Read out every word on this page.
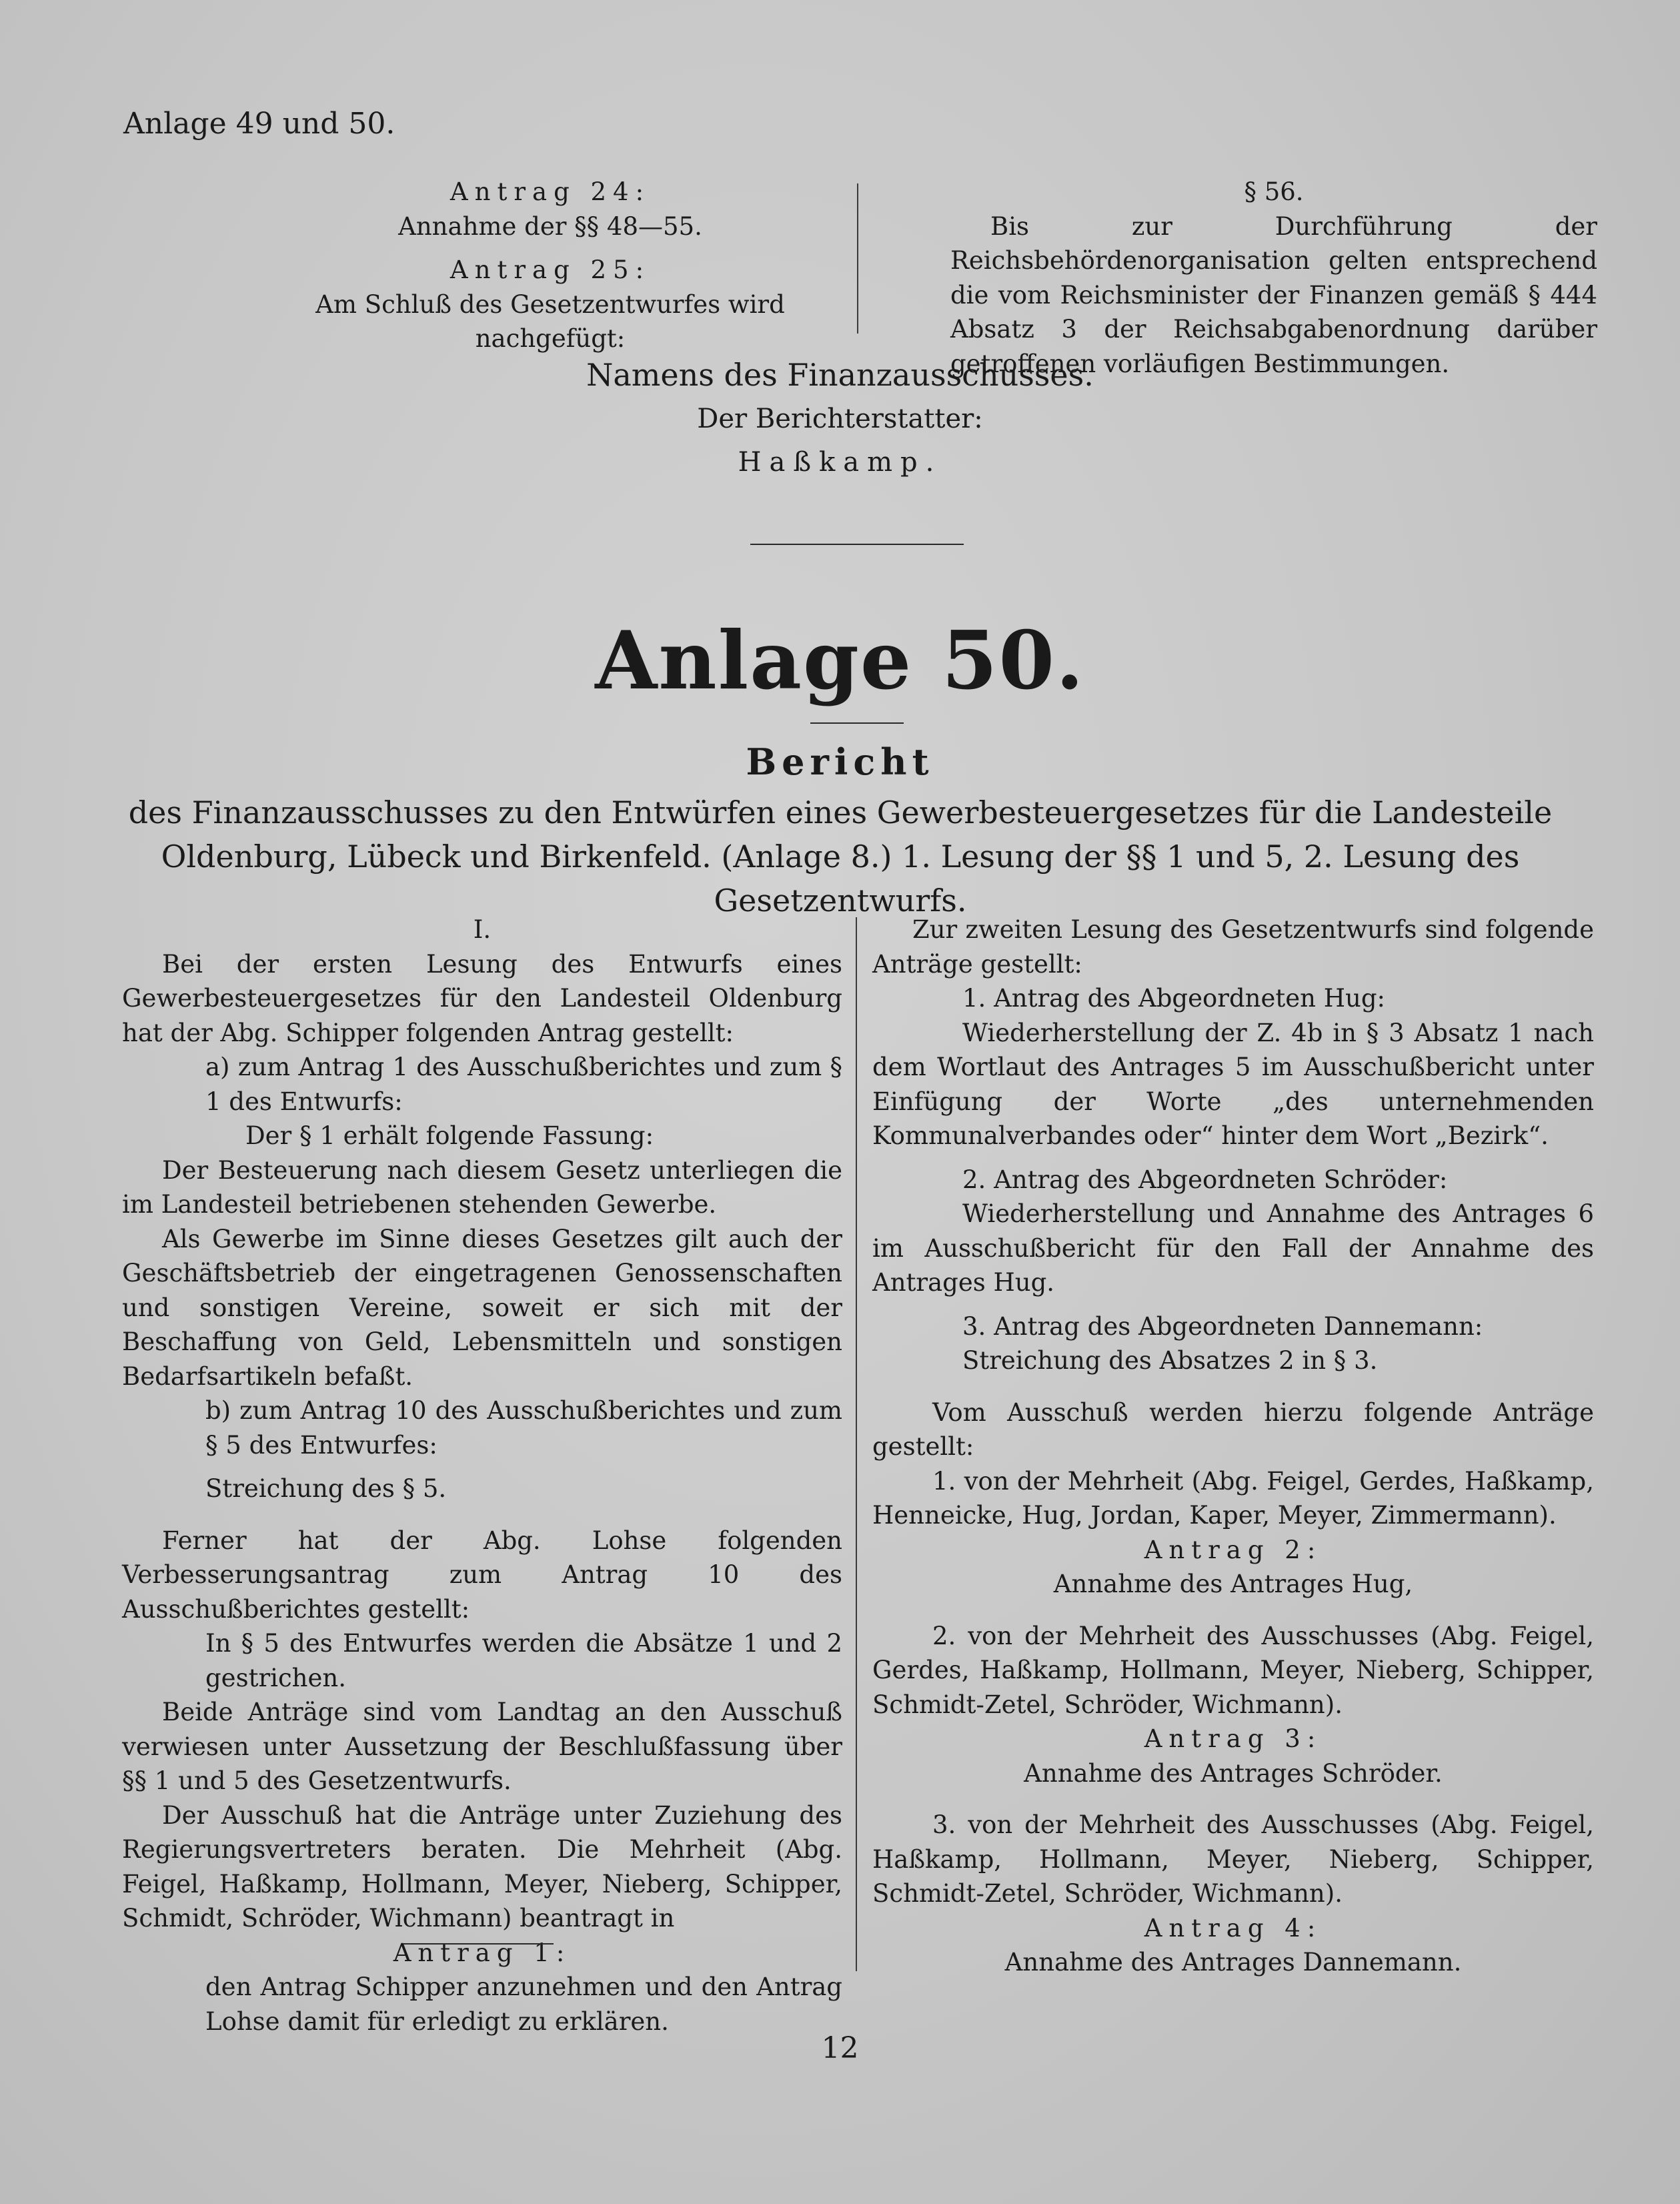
Anlage 49 und 50.

Antrag 24:

Annahme der §§ 48—55.

Antrag 25:

Am Schluß des Gesetzentwurfes wird nachgefügt:

§ 56.

Bis zur Durchführung der Reichsbehördenorganisation gelten entsprechend die vom Reichsminister der Finanzen gemäß § 444 Absatz 3 der Reichsabgabenordnung darüber getroffenen vorläufigen Bestimmungen.

Namens des Finanzausschusses.
Der Berichterstatter:
Haßkamp.
Anlage 50.
Bericht
des Finanzausschusses zu den Entwürfen eines Gewerbesteuergesetzes für die Landesteile Oldenburg, Lübeck und Birkenfeld. (Anlage 8.) 1. Lesung der §§ 1 und 5, 2. Lesung des Gesetzentwurfs.

I.

Bei der ersten Lesung des Entwurfs eines Gewerbesteuergesetzes für den Landesteil Oldenburg hat der Abg. Schipper folgenden Antrag gestellt:

a) zum Antrag 1 des Ausschußberichtes und zum § 1 des Entwurfs:

Der § 1 erhält folgende Fassung:

Der Besteuerung nach diesem Gesetz unterliegen die im Landesteil betriebenen stehenden Gewerbe.

Als Gewerbe im Sinne dieses Gesetzes gilt auch der Geschäftsbetrieb der eingetragenen Genossenschaften und sonstigen Vereine, soweit er sich mit der Beschaffung von Geld, Lebensmitteln und sonstigen Bedarfsartikeln befaßt.

b) zum Antrag 10 des Ausschußberichtes und zum § 5 des Entwurfes:

Streichung des § 5.

Ferner hat der Abg. Lohse folgenden Verbesserungsantrag zum Antrag 10 des Ausschußberichtes gestellt:

In § 5 des Entwurfes werden die Absätze 1 und 2 gestrichen.

Beide Anträge sind vom Landtag an den Ausschuß verwiesen unter Aussetzung der Beschlußfassung über §§ 1 und 5 des Gesetzentwurfs.

Der Ausschuß hat die Anträge unter Zuziehung des Regierungsvertreters beraten. Die Mehrheit (Abg. Feigel, Haßkamp, Hollmann, Meyer, Nieberg, Schipper, Schmidt, Schröder, Wichmann) beantragt in

Antrag 1:

den Antrag Schipper anzunehmen und den Antrag Lohse damit für erledigt zu erklären.

Zur zweiten Lesung des Gesetzentwurfs sind folgende Anträge gestellt:

1. Antrag des Abgeordneten Hug:

Wiederherstellung der Z. 4b in § 3 Absatz 1 nach dem Wortlaut des Antrages 5 im Ausschußbericht unter Einfügung der Worte „des unternehmenden Kommunalverbandes oder“ hinter dem Wort „Bezirk“.

2. Antrag des Abgeordneten Schröder:

Wiederherstellung und Annahme des Antrages 6 im Ausschußbericht für den Fall der Annahme des Antrages Hug.

3. Antrag des Abgeordneten Dannemann:

Streichung des Absatzes 2 in § 3.

Vom Ausschuß werden hierzu folgende Anträge gestellt:

1. von der Mehrheit (Abg. Feigel, Gerdes, Haßkamp, Henneicke, Hug, Jordan, Kaper, Meyer, Zimmermann).

Antrag 2:

Annahme des Antrages Hug,

2. von der Mehrheit des Ausschusses (Abg. Feigel, Gerdes, Haßkamp, Hollmann, Meyer, Nieberg, Schipper, Schmidt-Zetel, Schröder, Wichmann).

Antrag 3:

Annahme des Antrages Schröder.

3. von der Mehrheit des Ausschusses (Abg. Feigel, Haßkamp, Hollmann, Meyer, Nieberg, Schipper, Schmidt-Zetel, Schröder, Wichmann).

Antrag 4:

Annahme des Antrages Dannemann.

12
